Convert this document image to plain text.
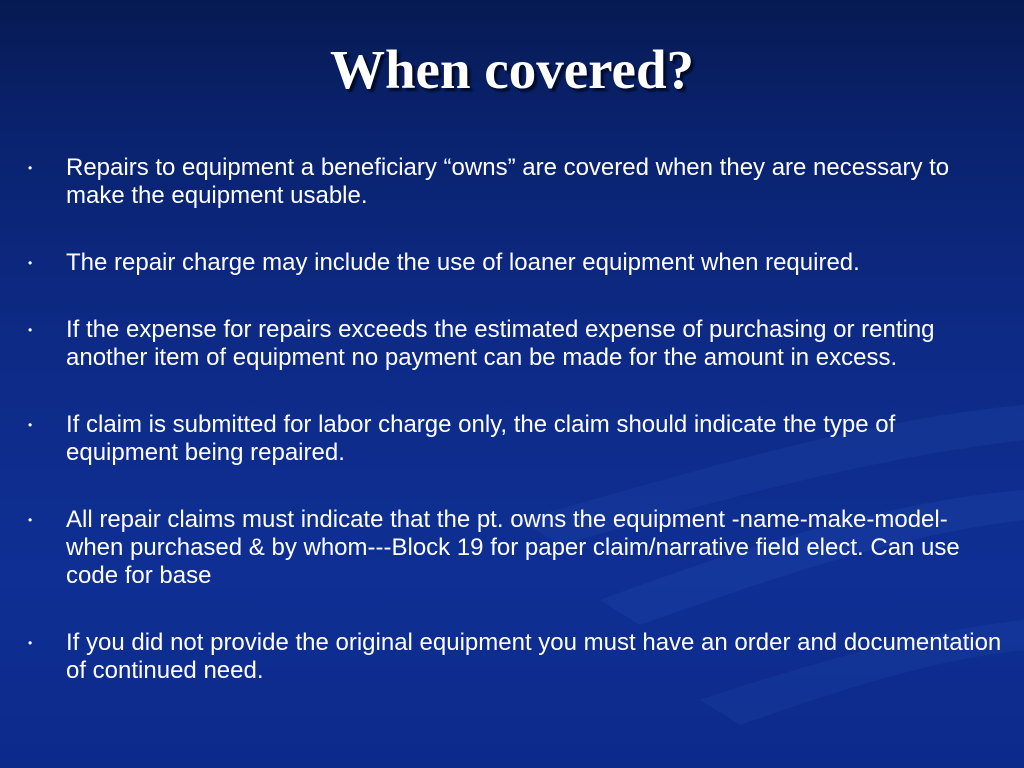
When covered?
• Repairs to equipment a beneficiary “owns” are covered when they are necessary to make the equipment usable.
• The repair charge may include the use of loaner equipment when required.
• If the expense for repairs exceeds the estimated expense of purchasing or renting another item of equipment no payment can be made for the amount in excess.
• If claim is submitted for labor charge only, the claim should indicate the type of equipment being repaired.
• All repair claims must indicate that the pt. owns the equipment -name-make-model-when purchased & by whom---Block 19 for paper claim/narrative field elect. Can use code for base
• If you did not provide the original equipment you must have an order and documentation of continued need.
